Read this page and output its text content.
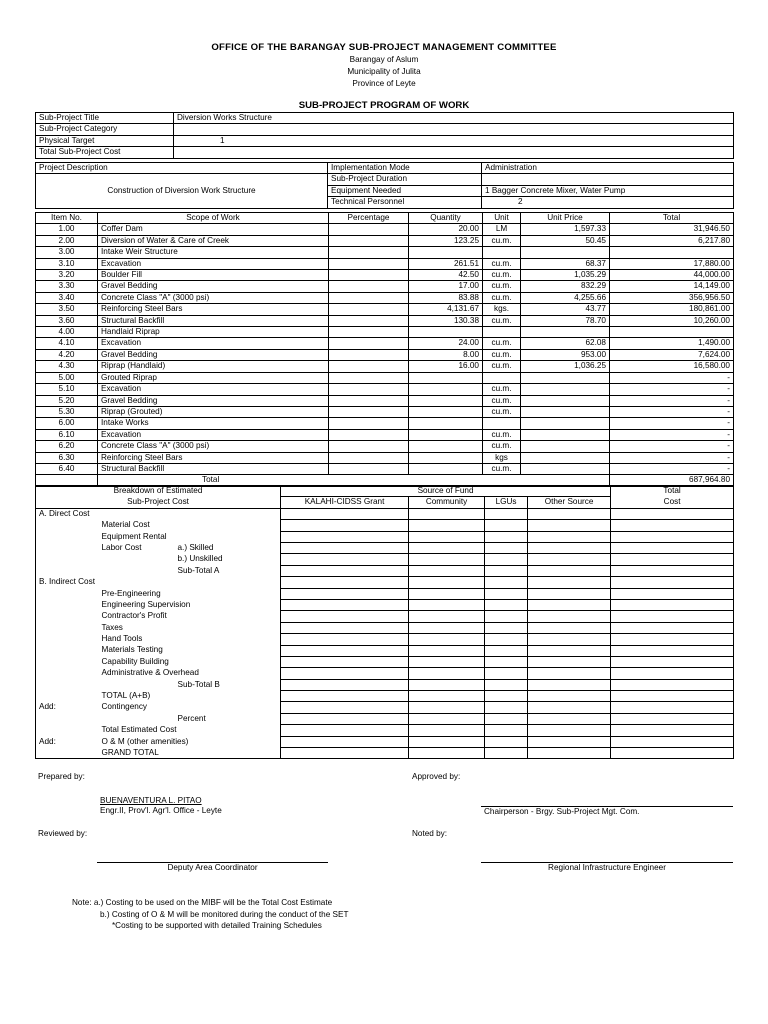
OFFICE OF THE BARANGAY SUB-PROJECT MANAGEMENT COMMITTEE
Barangay of Aslum
Municipality of Julita
Province of Leyte
SUB-PROJECT PROGRAM OF WORK
Sub-Project Title	Diversion Works Structure
Sub-Project Category	
Physical Target	1
Total Sub-Project Cost	
Project Description	Implementation Mode	Administration
Construction of Diversion Work Structure	Sub-Project Duration	
	Equipment Needed	1 Bagger Concrete Mixer, Water Pump
	Technical Personnel	2
Item No.	Scope of Work	Percentage	Quantity	Unit	Unit Price	Total
1.00	Coffer Dam		20.00	LM	1,597.33	31,946.50
2.00	Diversion of Water & Care of Creek		123.25	cu.m.	50.45	6,217.80
3.00	Intake Weir Structure					
3.10	Excavation		261.51	cu.m.	68.37	17,880.00
3.20	Boulder Fill		42.50	cu.m.	1,035.29	44,000.00
3.30	Gravel Bedding		17.00	cu.m.	832.29	14,149.00
3.40	Concrete Class "A" (3000 psi)		83.88	cu.m.	4,255.66	356,956.50
3.50	Reinforcing Steel Bars		4,131.67	kgs.	43.77	180,861.00
3.60	Structural Backfill		130.38	cu.m.	78.70	10,260.00
4.00	Handlaid Riprap					
4.10	Excavation		24.00	cu.m.	62.08	1,490.00
4.20	Gravel Bedding		8.00	cu.m.	953.00	7,624.00
4.30	Riprap (Handlaid)		16.00	cu.m.	1,036.25	16,580.00
5.00	Grouted Riprap					-
5.10	Excavation			cu.m.		-
5.20	Gravel Bedding			cu.m.		-
5.30	Riprap (Grouted)			cu.m.		-
6.00	Intake Works					-
6.10	Excavation			cu.m.		-
6.20	Concrete Class "A" (3000 psi)			cu.m.		-
6.30	Reinforcing Steel Bars			kgs		-
6.40	Structural Backfill			cu.m.		-
	Total					687,964.80
Breakdown of Estimated			Source of Fund				Total
Sub-Project Cost			KALAHI-CIDSS Grant	Community	LGUs	Other Source	Cost
A. Direct Cost							
	Material Cost						
	Equipment Rental						
	Labor Cost	a.) Skilled					
		b.) Unskilled					
		Sub-Total A					
B. Indirect Cost							
	Pre-Engineering						
	Engineering Supervision						
	Contractor's Profit						
	Taxes						
	Hand Tools						
	Materials Testing						
	Capability Building						
	Administrative & Overhead						
		Sub-Total B					
	TOTAL (A+B)						
Add:	Contingency						
		Percent					
	Total Estimated Cost						
Add:	O & M (other amenities)						
	GRAND TOTAL						
Prepared by:
BUENAVENTURA L. PITAO
Engr.II, Prov'l. Agr'l. Office - Leyte
Approved by:
Chairperson - Brgy. Sub-Project Mgt. Com.
Reviewed by:
Deputy Area Coordinator
Noted by:
Regional Infrastructure Engineer
Note: a.) Costing to be used on the MIBF will be the Total Cost Estimate
b.) Costing of O & M will be monitored during the conduct of the SET
*Costing to be supported with detailed Training Schedules
